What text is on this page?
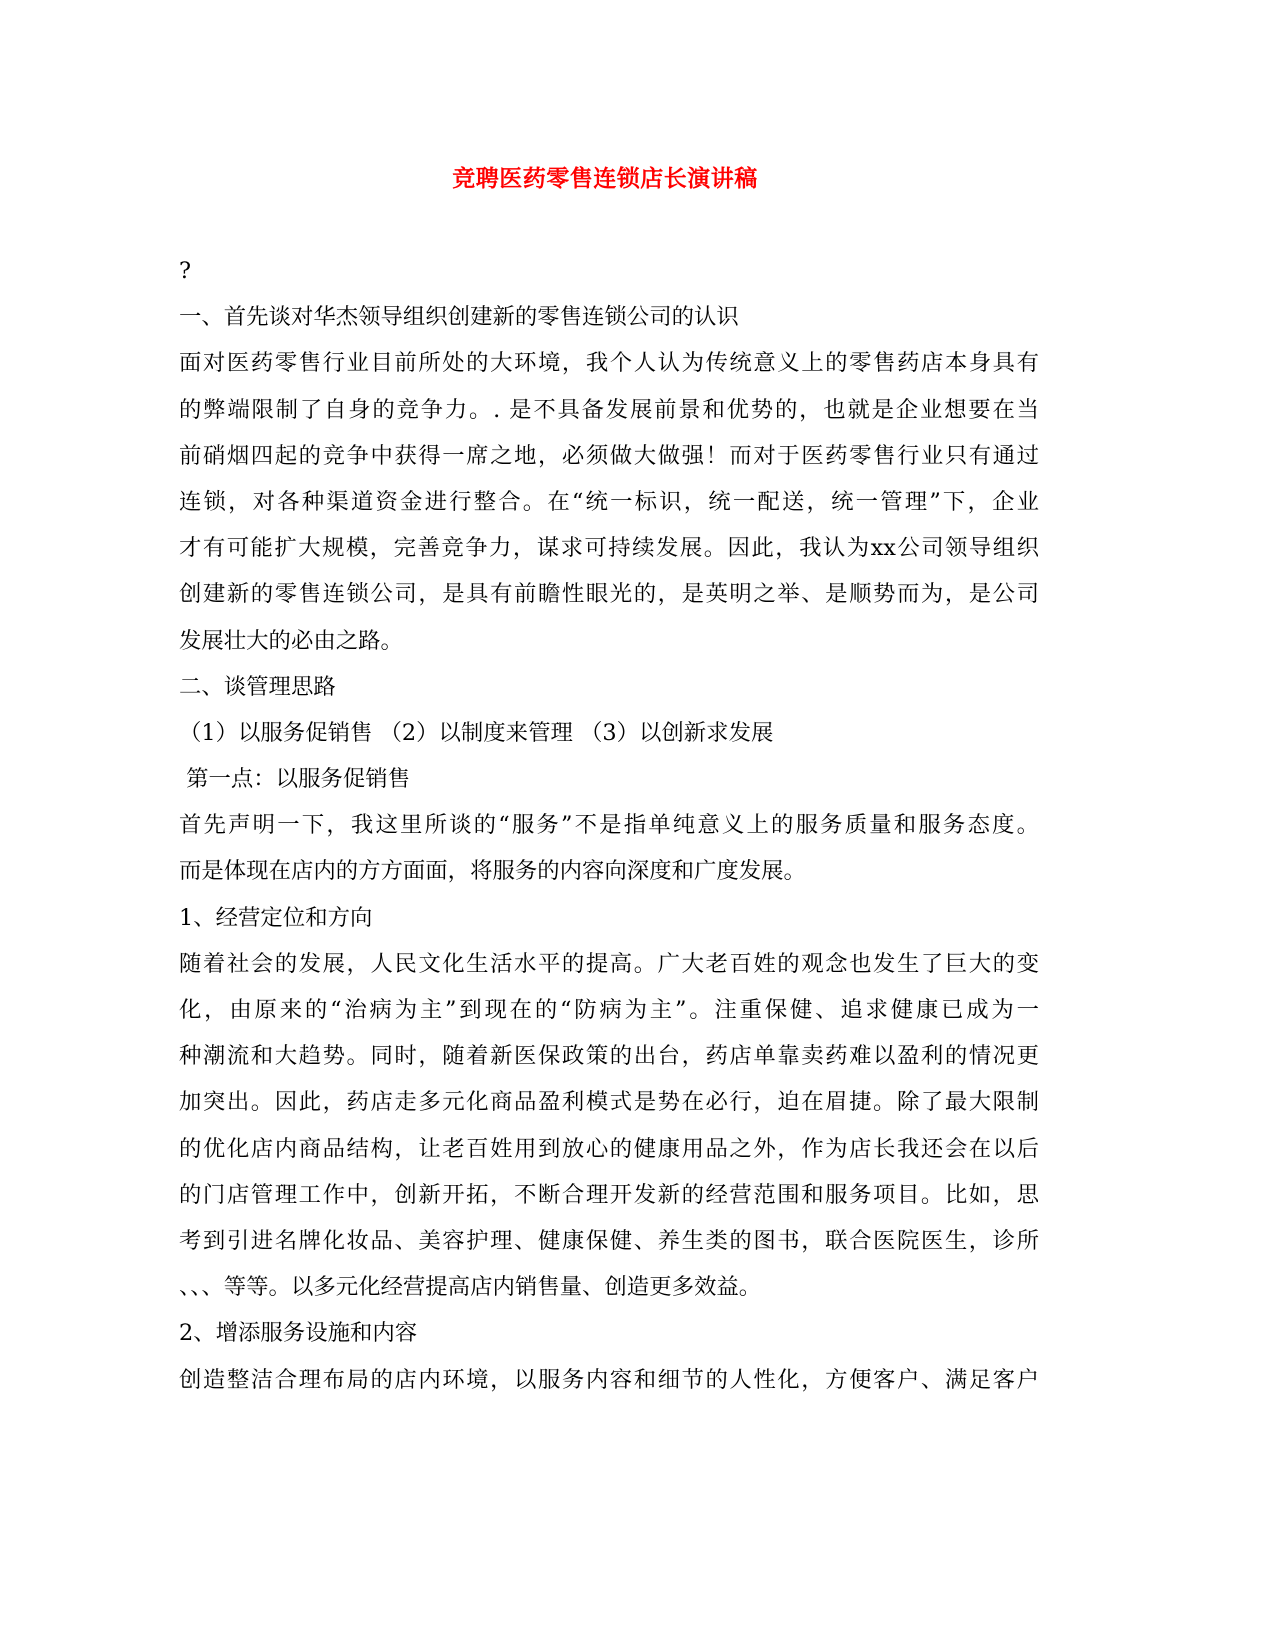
竞聘医药零售连锁店长演讲稿
?
一、首先谈对华杰领导组织创建新的零售连锁公司的认识
面对医药零售行业目前所处的大环境，我个人认为传统意义上的零售药店本身具有
的弊端限制了自身的竞争力。. 是不具备发展前景和优势的，也就是企业想要在当
前硝烟四起的竞争中获得一席之地，必须做大做强！而对于医药零售行业只有通过
连锁，对各种渠道资金进行整合。在“统一标识，统一配送，统一管理”下，企业
才有可能扩大规模，完善竞争力，谋求可持续发展。因此，我认为xx公司领导组织
创建新的零售连锁公司，是具有前瞻性眼光的，是英明之举、是顺势而为，是公司
发展壮大的必由之路。
二、谈管理思路
（1）以服务促销售 （2）以制度来管理 （3）以创新求发展
第一点：以服务促销售
首先声明一下，我这里所谈的“服务”不是指单纯意义上的服务质量和服务态度。
而是体现在店内的方方面面，将服务的内容向深度和广度发展。
1、经营定位和方向
随着社会的发展，人民文化生活水平的提高。广大老百姓的观念也发生了巨大的变
化，由原来的“治病为主”到现在的“防病为主”。注重保健、追求健康已成为一
种潮流和大趋势。同时，随着新医保政策的出台，药店单靠卖药难以盈利的情况更
加突出。因此，药店走多元化商品盈利模式是势在必行，迫在眉捷。除了最大限制
的优化店内商品结构，让老百姓用到放心的健康用品之外，作为店长我还会在以后
的门店管理工作中，创新开拓，不断合理开发新的经营范围和服务项目。比如，思
考到引进名牌化妆品、美容护理、健康保健、养生类的图书，联合医院医生，诊所
、、、等等。以多元化经营提高店内销售量、创造更多效益。
2、增添服务设施和内容
创造整洁合理布局的店内环境，以服务内容和细节的人性化，方便客户、满足客户
